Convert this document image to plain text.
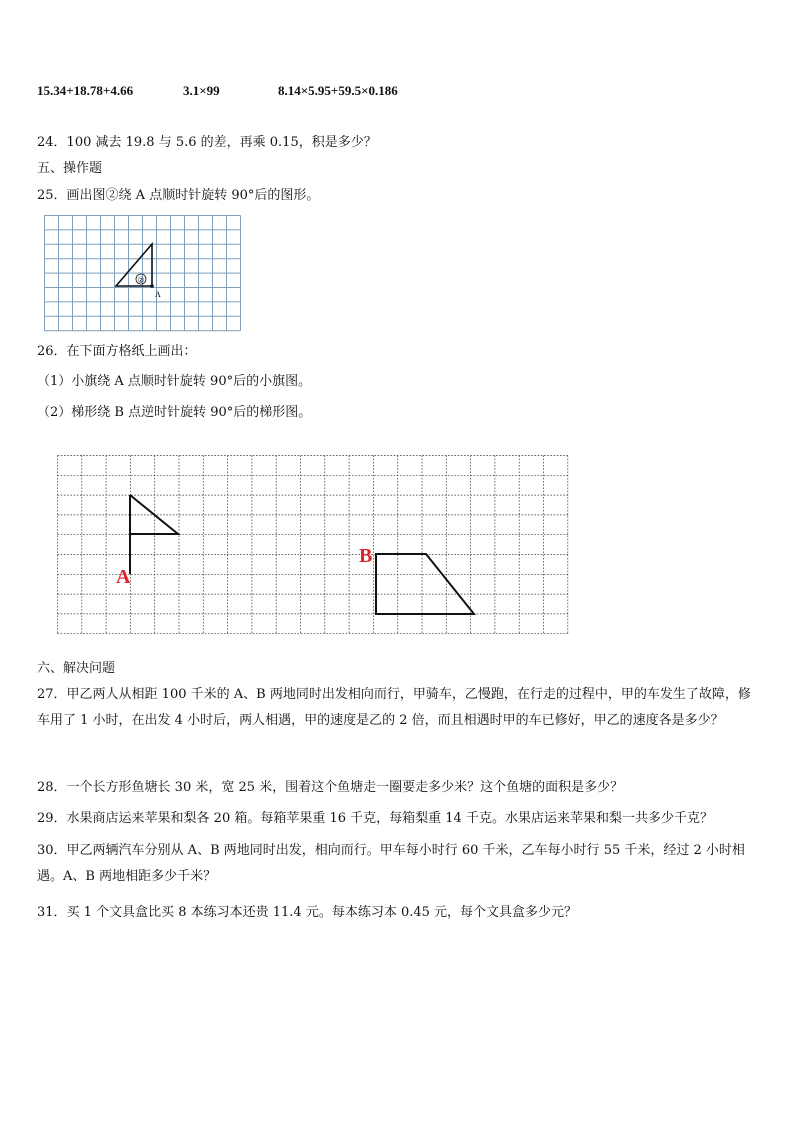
15.34+18.78+4.66	3.1×99	8.14×5.95+59.5×0.186
24．100 减去 19.8 与 5.6 的差，再乘 0.15，积是多少？
五、操作题
25．画出图②绕 A 点顺时针旋转 90°后的图形。
②
A
26．在下面方格纸上画出：
（1）小旗绕 A 点顺时针旋转 90°后的小旗图。
（2）梯形绕 B 点逆时针旋转 90°后的梯形图。
A
B
六、解决问题
27．甲乙两人从相距 100 千米的 A、B 两地同时出发相向而行，甲骑车，乙慢跑，在行走的过程中，甲的车发生了故障，修车用了 1 小时，在出发 4 小时后，两人相遇，甲的速度是乙的 2 倍，而且相遇时甲的车已修好，甲乙的速度各是多少？
28．一个长方形鱼塘长 30 米，宽 25 米，围着这个鱼塘走一圈要走多少米？这个鱼塘的面积是多少？
29．水果商店运来苹果和梨各 20 箱。每箱苹果重 16 千克，每箱梨重 14 千克。水果店运来苹果和梨一共多少千克？
30．甲乙两辆汽车分别从 A、B 两地同时出发，相向而行。甲车每小时行 60 千米，乙车每小时行 55 千米，经过 2 小时相遇。A、B 两地相距多少千米？
31．买 1 个文具盒比买 8 本练习本还贵 11.4 元。每本练习本 0.45 元，每个文具盒多少元？
